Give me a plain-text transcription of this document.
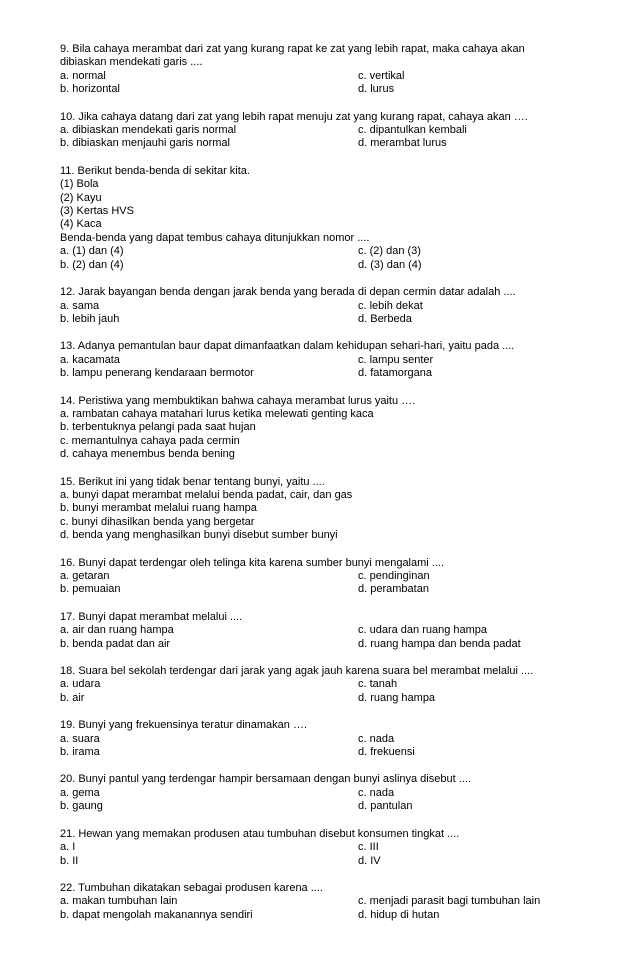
9. Bila cahaya merambat dari zat yang kurang rapat ke zat yang lebih rapat, maka cahaya akan
dibiaskan mendekati garis ....
a. normal	c. vertikal
b. horizontal	d. lurus
10. Jika cahaya datang dari zat yang lebih rapat menuju zat yang kurang rapat, cahaya akan ….
a. dibiaskan mendekati garis normal	c. dipantulkan kembali
b. dibiaskan menjauhi garis normal	d. merambat lurus
11. Berikut benda-benda di sekitar kita.
(1) Bola
(2) Kayu
(3) Kertas HVS
(4) Kaca
Benda-benda yang dapat tembus cahaya ditunjukkan nomor ....
a. (1) dan (4)	c. (2) dan (3)
b. (2) dan (4)	d. (3) dan (4)
12. Jarak bayangan benda dengan jarak benda yang berada di depan cermin datar adalah ....
a. sama	c. lebih dekat
b. lebih jauh	d. Berbeda
13. Adanya pemantulan baur dapat dimanfaatkan dalam kehidupan sehari-hari, yaitu pada ....
a. kacamata	c. lampu senter
b. lampu penerang kendaraan bermotor	d. fatamorgana
14. Peristiwa yang membuktikan bahwa cahaya merambat lurus yaitu ….
a. rambatan cahaya matahari lurus ketika melewati genting kaca
b. terbentuknya pelangi pada saat hujan
c. memantulnya cahaya pada cermin
d. cahaya menembus benda bening
15. Berikut ini yang tidak benar tentang bunyi, yaitu ....
a. bunyi dapat merambat melalui benda padat, cair, dan gas
b. bunyi merambat melalui ruang hampa
c. bunyi dihasilkan benda yang bergetar
d. benda yang menghasilkan bunyi disebut sumber bunyi
16. Bunyi dapat terdengar oleh telinga kita karena sumber bunyi mengalami ....
a. getaran	c. pendinginan
b. pemuaian	d. perambatan
17. Bunyi dapat merambat melalui ....
a. air dan ruang hampa	c. udara dan ruang hampa
b. benda padat dan air	d. ruang hampa dan benda padat
18. Suara bel sekolah terdengar dari jarak yang agak jauh karena suara bel merambat melalui ....
a. udara	c. tanah
b. air	d. ruang hampa
19. Bunyi yang frekuensinya teratur dinamakan ….
a. suara	c. nada
b. irama	d. frekuensi
20. Bunyi pantul yang terdengar hampir bersamaan dengan bunyi aslinya disebut ....
a. gema	c. nada
b. gaung	d. pantulan
21. Hewan yang memakan produsen atau tumbuhan disebut konsumen tingkat ....
a. I	c. III
b. II	d. IV
22. Tumbuhan dikatakan sebagai produsen karena ....
a. makan tumbuhan lain	c. menjadi parasit bagi tumbuhan lain
b. dapat mengolah makanannya sendiri	d. hidup di hutan
